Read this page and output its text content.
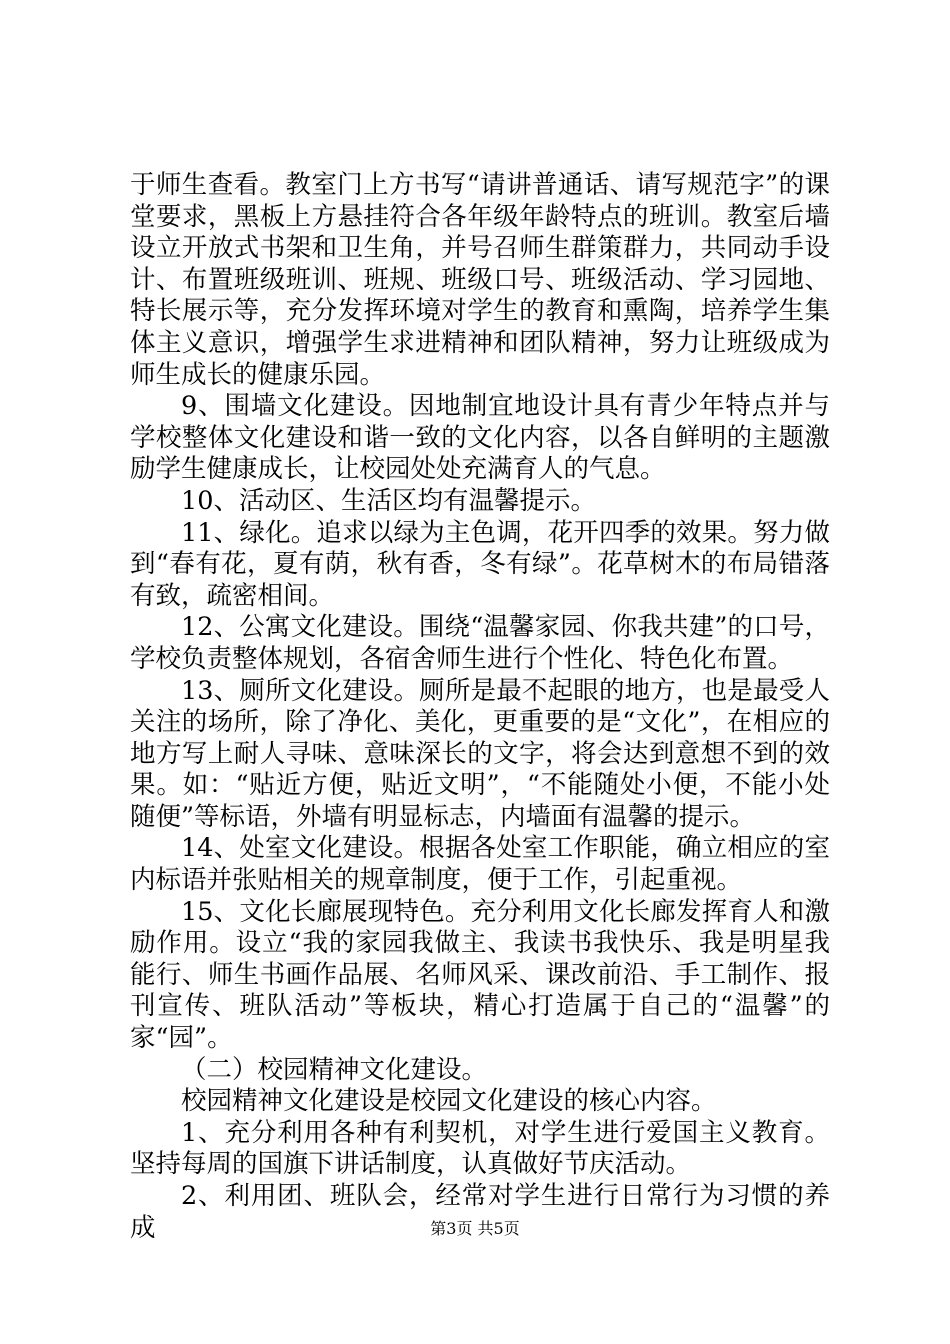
于师生查看。教室门上方书写“请讲普通话、请写规范字”的课堂要求，黑板上方悬挂符合各年级年龄特点的班训。教室后墙设立开放式书架和卫生角，并号召师生群策群力，共同动手设计、布置班级班训、班规、班级口号、班级活动、学习园地、特长展示等，充分发挥环境对学生的教育和熏陶，培养学生集体主义意识，增强学生求进精神和团队精神，努力让班级成为师生成长的健康乐园。

9、围墙文化建设。因地制宜地设计具有青少年特点并与学校整体文化建设和谐一致的文化内容，以各自鲜明的主题激励学生健康成长，让校园处处充满育人的气息。

10、活动区、生活区均有温馨提示。

11、绿化。追求以绿为主色调，花开四季的效果。努力做到“春有花，夏有荫，秋有香，冬有绿”。花草树木的布局错落有致，疏密相间。

12、公寓文化建设。围绕“温馨家园、你我共建”的口号，学校负责整体规划，各宿舍师生进行个性化、特色化布置。

13、厕所文化建设。厕所是最不起眼的地方，也是最受人关注的场所，除了净化、美化，更重要的是“文化”，在相应的地方写上耐人寻味、意味深长的文字，将会达到意想不到的效果。如：“贴近方便，贴近文明”，“不能随处小便，不能小处随便”等标语，外墙有明显标志，内墙面有温馨的提示。

14、处室文化建设。根据各处室工作职能，确立相应的室内标语并张贴相关的规章制度，便于工作，引起重视。

15、文化长廊展现特色。充分利用文化长廊发挥育人和激励作用。设立“我的家园我做主、我读书我快乐、我是明星我能行、师生书画作品展、名师风采、课改前沿、手工制作、报刊宣传、班队活动”等板块，精心打造属于自己的“温馨”的家“园”。

（二）校园精神文化建设。

校园精神文化建设是校园文化建设的核心内容。

1、充分利用各种有利契机，对学生进行爱国主义教育。坚持每周的国旗下讲话制度，认真做好节庆活动。

2、利用团、班队会，经常对学生进行日常行为习惯的养成	第3页 共5页
